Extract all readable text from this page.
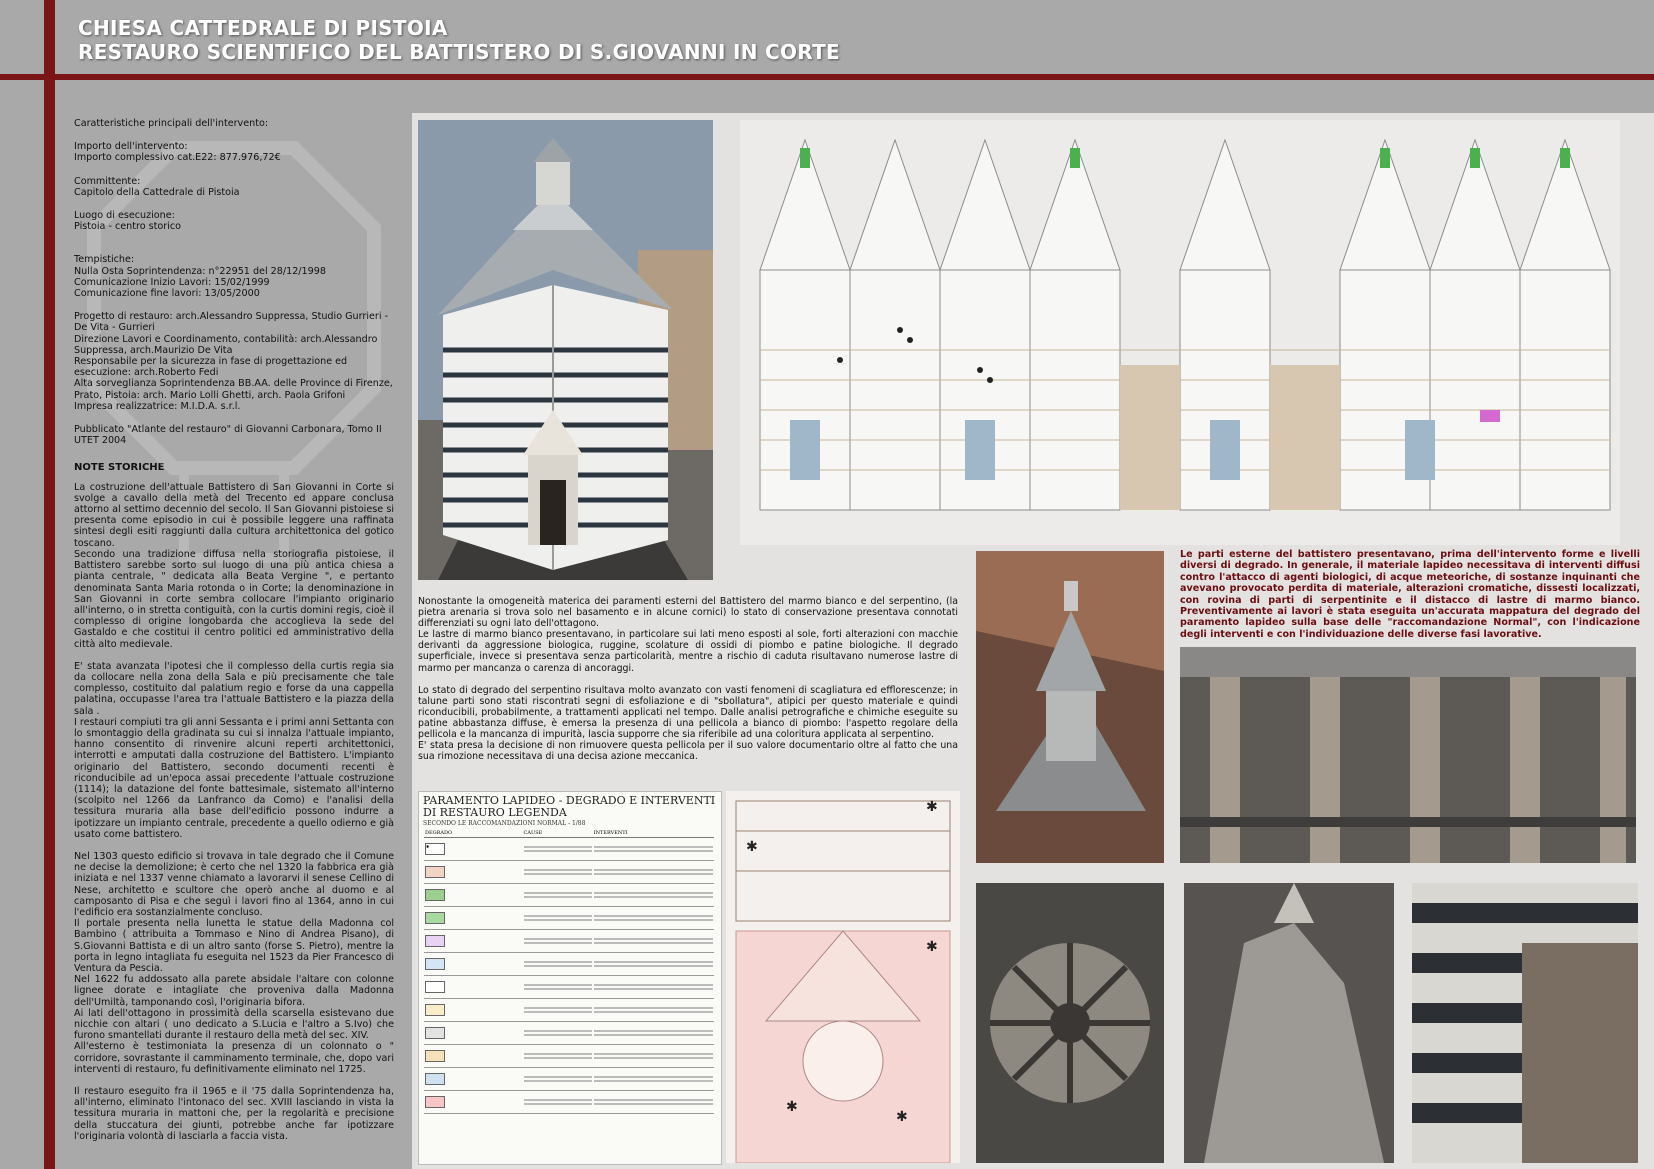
CHIESA CATTEDRALE DI PISTOIA
RESTAURO SCIENTIFICO DEL BATTISTERO DI S.GIOVANNI IN CORTE

Caratteristiche principali dell'intervento:

Importo dell'intervento:
Importo complessivo cat.E22: 877.976,72€

Committente:
Capitolo della Cattedrale di Pistoia

Luogo di esecuzione:
Pistoia - centro storico

Tempistiche:
Nulla Osta Soprintendenza: n°22951 del 28/12/1998
Comunicazione Inizio Lavori: 15/02/1999
Comunicazione fine lavori: 13/05/2000

Progetto di restauro: arch.Alessandro Suppressa, Studio Gurrieri - De Vita - Gurrieri
Direzione Lavori e Coordinamento, contabilità: arch.Alessandro Suppressa, arch.Maurizio De Vita
Responsabile per la sicurezza in fase di progettazione ed esecuzione: arch.Roberto Fedi
Alta sorveglianza Soprintendenza BB.AA. delle Province di Firenze, Prato, Pistoia: arch. Mario Lolli Ghetti, arch. Paola Grifoni
Impresa realizzatrice: M.I.D.A. s.r.l.

Pubblicato "Atlante del restauro" di Giovanni Carbonara, Tomo II UTET 2004

NOTE STORICHE
La costruzione dell'attuale Battistero di San Giovanni in Corte si svolge a cavallo della metà del Trecento ed appare conclusa attorno al settimo decennio del secolo. Il San Giovanni pistoiese si presenta come episodio in cui è possibile leggere una raffinata sintesi degli esiti raggiunti dalla cultura architettonica del gotico toscano.
Secondo una tradizione diffusa nella storiografia pistoiese, il Battistero sarebbe sorto sul luogo di una più antica chiesa a pianta centrale, " dedicata alla Beata Vergine ", e pertanto denominata Santa Maria rotonda o in Corte; la denominazione in San Giovanni in corte sembra collocare l'impianto originario all'interno, o in stretta contiguità, con la curtis domini regis, cioè il complesso di origine longobarda che accoglieva la sede del Gastaldo e che costitui il centro politici ed amministrativo della città alto medievale.
E' stata avanzata l'ipotesi che il complesso della curtis regia sia da collocare nella zona della Sala e più precisamente che tale complesso, costituito dal palatium regio e forse da una cappella palatina, occupasse l'area tra l'attuale Battistero e la piazza della sala .
I restauri compiuti tra gli anni Sessanta e i primi anni Settanta con lo smontaggio della gradinata su cui si innalza l'attuale impianto, hanno consentito di rinvenire alcuni reperti architettonici, interrotti e amputati dalla costruzione del Battistero. L'impianto originario del Battistero, secondo documenti recenti è riconducibile ad un'epoca assai precedente l'attuale costruzione (1114); la datazione del fonte battesimale, sistemato all'interno (scolpito nel 1266 da Lanfranco da Como) e l'analisi della tessitura muraria alla base dell'edificio possono indurre a ipotizzare un impianto centrale, precedente a quello odierno e già usato come battistero.
Nel 1303 questo edificio si trovava in tale degrado che il Comune ne decise la demolizione; è certo che nel 1320 la fabbrica era già iniziata e nel 1337 venne chiamato a lavorarvi il senese Cellino di Nese, architetto e scultore che operò anche al duomo e al camposanto di Pisa e che seguì i lavori fino al 1364, anno in cui l'edificio era sostanzialmente concluso.
Il portale presenta nella lunetta le statue della Madonna col Bambino ( attribuita a Tommaso e Nino di Andrea Pisano), di S.Giovanni Battista e di un altro santo (forse S. Pietro), mentre la porta in legno intagliata fu eseguita nel 1523 da Pier Francesco di Ventura da Pescia.
Nel 1622 fu addossato alla parete absidale l'altare con colonne lignee dorate e intagliate che proveniva dalla Madonna dell'Umiltà, tamponando così, l'originaria bifora.
Ai lati dell'ottagono in prossimità della scarsella esistevano due nicchie con altari ( uno dedicato a S.Lucia e l'altro a S.Ivo) che furono smantellati durante il restauro della metà del sec. XIV.
All'esterno è testimoniata la presenza di un colonnato o " corridore, sovrastante il camminamento terminale, che, dopo vari interventi di restauro, fu definitivamente eliminato nel 1725.
Il restauro eseguito fra il 1965 e il '75 dalla Soprintendenza ha, all'interno, eliminato l'intonaco del sec. XVIII lasciando in vista la tessitura muraria in mattoni che, per la regolarità e precisione della stuccatura dei giunti, potrebbe anche far ipotizzare l'originaria volontà di lasciarla a faccia vista.

Nonostante la omogeneità materica dei paramenti esterni del Battistero del marmo bianco e del serpentino, (la pietra arenaria si trova solo nel basamento e in alcune cornici) lo stato di conservazione presentava connotati differenziati su ogni lato dell'ottagono.
Le lastre di marmo bianco presentavano, in particolare sui lati meno esposti al sole, forti alterazioni con macchie derivanti da aggressione biologica, ruggine, scolature di ossidi di piombo e patine biologiche. Il degrado superficiale, invece si presentava senza particolarità, mentre a rischio di caduta risultavano numerose lastre di marmo per mancanza o carenza di ancoraggi.

Lo stato di degrado del serpentino risultava molto avanzato con vasti fenomeni di scagliatura ed efflorescenze; in talune parti sono stati riscontrati segni di esfoliazione e di "sbollatura", atipici per questo materiale e quindi riconducibili, probabilmente, a trattamenti applicati nel tempo. Dalle analisi petrografiche e chimiche eseguite su patine abbastanza diffuse, è emersa la presenza di una pellicola a bianco di piombo: l'aspetto regolare della pellicola e la mancanza di impurità, lascia supporre che sia riferibile ad una coloritura applicata al serpentino.
E' stata presa la decisione di non rimuovere questa pellicola per il suo valore documentario oltre al fatto che una sua rimozione necessitava di una decisa azione meccanica.

Le parti esterne del battistero presentavano, prima dell'intervento forme e livelli diversi di degrado. In generale, il materiale lapideo necessitava di interventi diffusi contro l'attacco di agenti biologici, di acque meteoriche, di sostanze inquinanti che avevano provocato perdita di materiale, alterazioni cromatiche, dissesti localizzati, con rovina di parti di serpentinite e il distacco di lastre di marmo bianco. Preventivamente ai lavori è stata eseguita un'accurata mappatura del degrado del paramento lapideo sulla base delle "raccomandazione Normal", con l'indicazione degli interventi e con l'individuazione delle diverse fasi lavorative.
PARAMENTO LAPIDEO - DEGRADO E INTERVENTI DI RESTAURO LEGENDA
SECONDO LE RACCOMANDAZIONI NORMAL - 1/88
DEGRADO	CAUSE	INTERVENTI
✱	

✱
✱
✱
✱
✱
